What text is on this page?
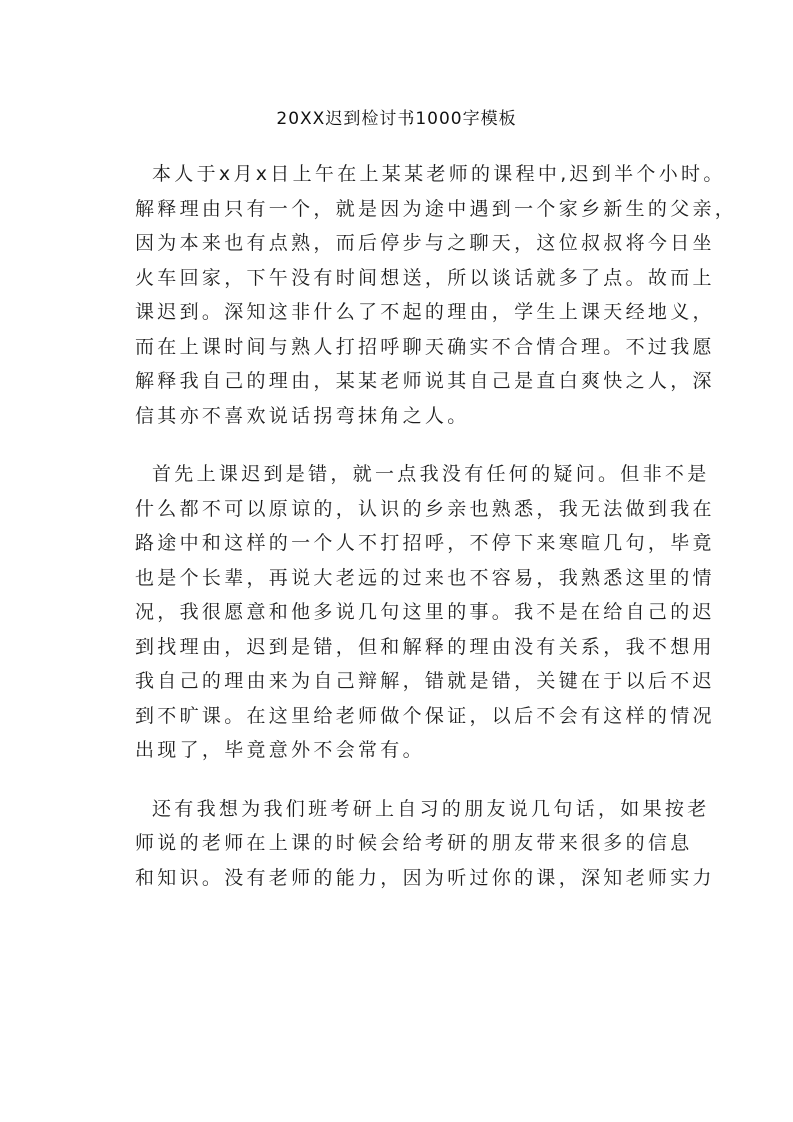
20XX迟到检讨书1000字模板

本人于x月x日上午在上某某老师的课程中,迟到半个小时。
解释理由只有一个，就是因为途中遇到一个家乡新生的父亲，
因为本来也有点熟，而后停步与之聊天，这位叔叔将今日坐
火车回家，下午没有时间想送，所以谈话就多了点。故而上
课迟到。深知这非什么了不起的理由，学生上课天经地义，
而在上课时间与熟人打招呼聊天确实不合情合理。不过我愿
解释我自己的理由，某某老师说其自己是直白爽快之人，深
信其亦不喜欢说话拐弯抹角之人。

首先上课迟到是错，就一点我没有任何的疑问。但非不是
什么都不可以原谅的，认识的乡亲也熟悉，我无法做到我在
路途中和这样的一个人不打招呼，不停下来寒暄几句，毕竟
也是个长辈，再说大老远的过来也不容易，我熟悉这里的情
况，我很愿意和他多说几句这里的事。我不是在给自己的迟
到找理由，迟到是错，但和解释的理由没有关系，我不想用
我自己的理由来为自己辩解，错就是错，关键在于以后不迟
到不旷课。在这里给老师做个保证，以后不会有这样的情况
出现了，毕竟意外不会常有。

还有我想为我们班考研上自习的朋友说几句话，如果按老
师说的老师在上课的时候会给考研的朋友带来很多的信息
和知识。没有老师的能力，因为听过你的课，深知老师实力
